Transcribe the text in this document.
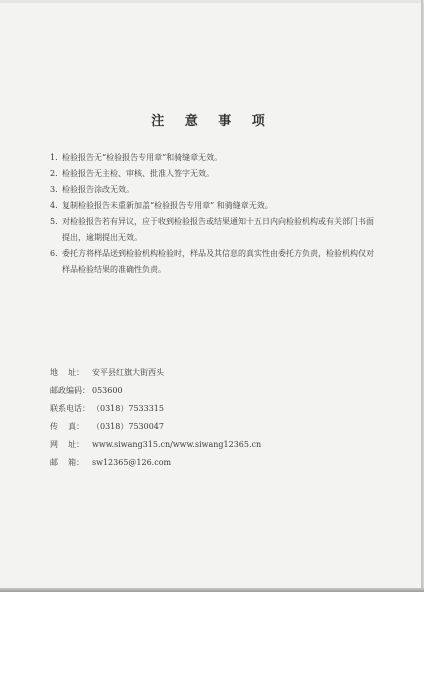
注 意 事 项
1. 检验报告无“检验报告专用章”和骑缝章无效。
2. 检验报告无主检、审核、批准人签字无效。
3. 检验报告涂改无效。
4. 复制检验报告未重新加盖“检验报告专用章” 和骑缝章无效。
5. 对检验报告若有异议，应于收到检验报告或结果通知十五日内向检验机构或有关部门书面提出，逾期提出无效。
6. 委托方将样品送到检验机构检验时，样品及其信息的真实性由委托方负责，检验机构仅对样品检验结果的准确性负责。
地    址： 安平县红旗大街西头
邮政编码： 053600
联系电话： （0318）7533315
传    真： （0318）7530047
网    址： www.siwang315.cn/www.siwang12365.cn
邮    箱： sw12365@126.com
